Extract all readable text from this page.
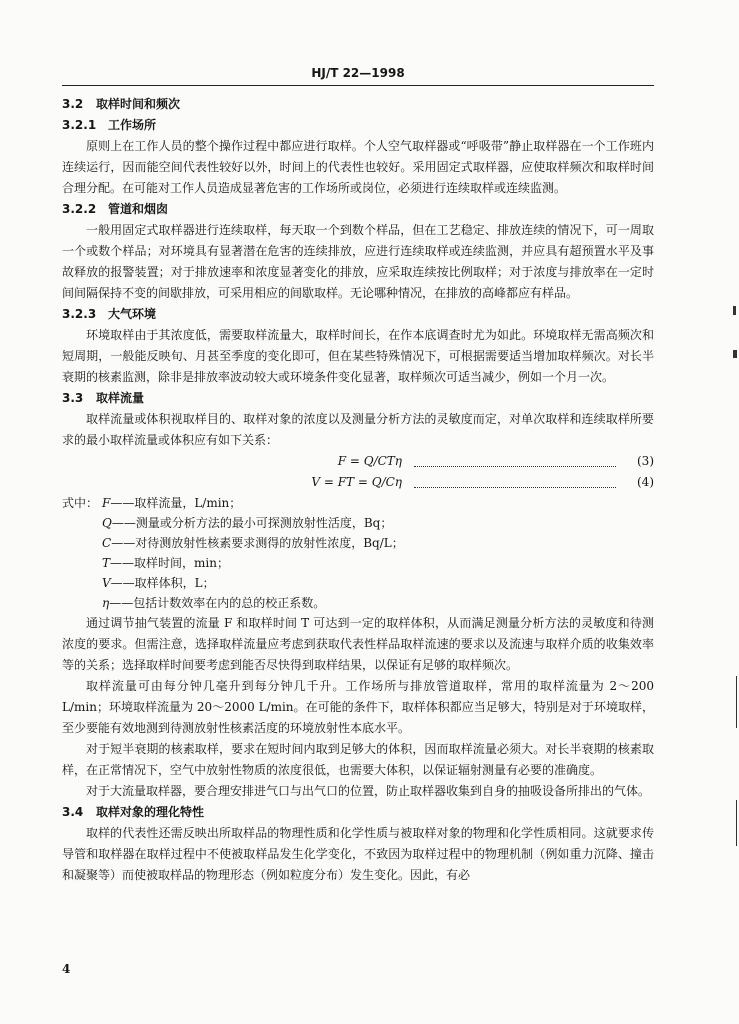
HJ/T 22—1998

3.2 取样时间和频次

3.2.1 工作场所

原则上在工作人员的整个操作过程中都应进行取样。个人空气取样器或“呼吸带”静止取样器在一个工作班内连续运行，因而能空间代表性较好以外，时间上的代表性也较好。采用固定式取样器，应使取样频次和取样时间合理分配。在可能对工作人员造成显著危害的工作场所或岗位，必须进行连续取样或连续监测。

3.2.2 管道和烟囱

一般用固定式取样器进行连续取样，每天取一个到数个样品，但在工艺稳定、排放连续的情况下，可一周取一个或数个样品；对环境具有显著潜在危害的连续排放，应进行连续取样或连续监测，并应具有超预置水平及事故释放的报警装置；对于排放速率和浓度显著变化的排放，应采取连续按比例取样；对于浓度与排放率在一定时间间隔保持不变的间歇排放，可采用相应的间歇取样。无论哪种情况，在排放的高峰都应有样品。

3.2.3 大气环境

环境取样由于其浓度低，需要取样流量大，取样时间长，在作本底调查时尤为如此。环境取样无需高频次和短周期，一般能反映旬、月甚至季度的变化即可，但在某些特殊情况下，可根据需要适当增加取样频次。对长半衰期的核素监测，除非是排放率波动较大或环境条件变化显著，取样频次可适当减少，例如一个月一次。

3.3 取样流量

取样流量或体积视取样目的、取样对象的浓度以及测量分析方法的灵敏度而定，对单次取样和连续取样所要求的最小取样流量或体积应有如下关系：

F = Q/CTη	(3)
V = FT = Q/Cη	(4)
式中： F——取样流量，L/min；
Q——测量或分析方法的最小可探测放射性活度，Bq；
C——对待测放射性核素要求测得的放射性浓度，Bq/L；
T——取样时间，min；
V——取样体积，L；
η——包括计数效率在内的总的校正系数。

通过调节抽气装置的流量 F 和取样时间 T 可达到一定的取样体积，从而满足测量分析方法的灵敏度和待测浓度的要求。但需注意，选择取样流量应考虑到获取代表性样品取样流速的要求以及流速与取样介质的收集效率等的关系；选择取样时间要考虑到能否尽快得到取样结果，以保证有足够的取样频次。

取样流量可由每分钟几毫升到每分钟几千升。工作场所与排放管道取样，常用的取样流量为 2～200 L/min；环境取样流量为 20～2000 L/min。在可能的条件下，取样体积都应当足够大，特别是对于环境取样，至少要能有效地测到待测放射性核素活度的环境放射性本底水平。

对于短半衰期的核素取样，要求在短时间内取到足够大的体积，因而取样流量必须大。对长半衰期的核素取样，在正常情况下，空气中放射性物质的浓度很低，也需要大体积，以保证辐射测量有必要的准确度。

对于大流量取样器，要合理安排进气口与出气口的位置，防止取样器收集到自身的抽吸设备所排出的气体。

3.4 取样对象的理化特性

取样的代表性还需反映出所取样品的物理性质和化学性质与被取样对象的物理和化学性质相同。这就要求传导管和取样器在取样过程中不使被取样品发生化学变化，不致因为取样过程中的物理机制（例如重力沉降、撞击和凝聚等）而使被取样品的物理形态（例如粒度分布）发生变化。因此，有必

4
